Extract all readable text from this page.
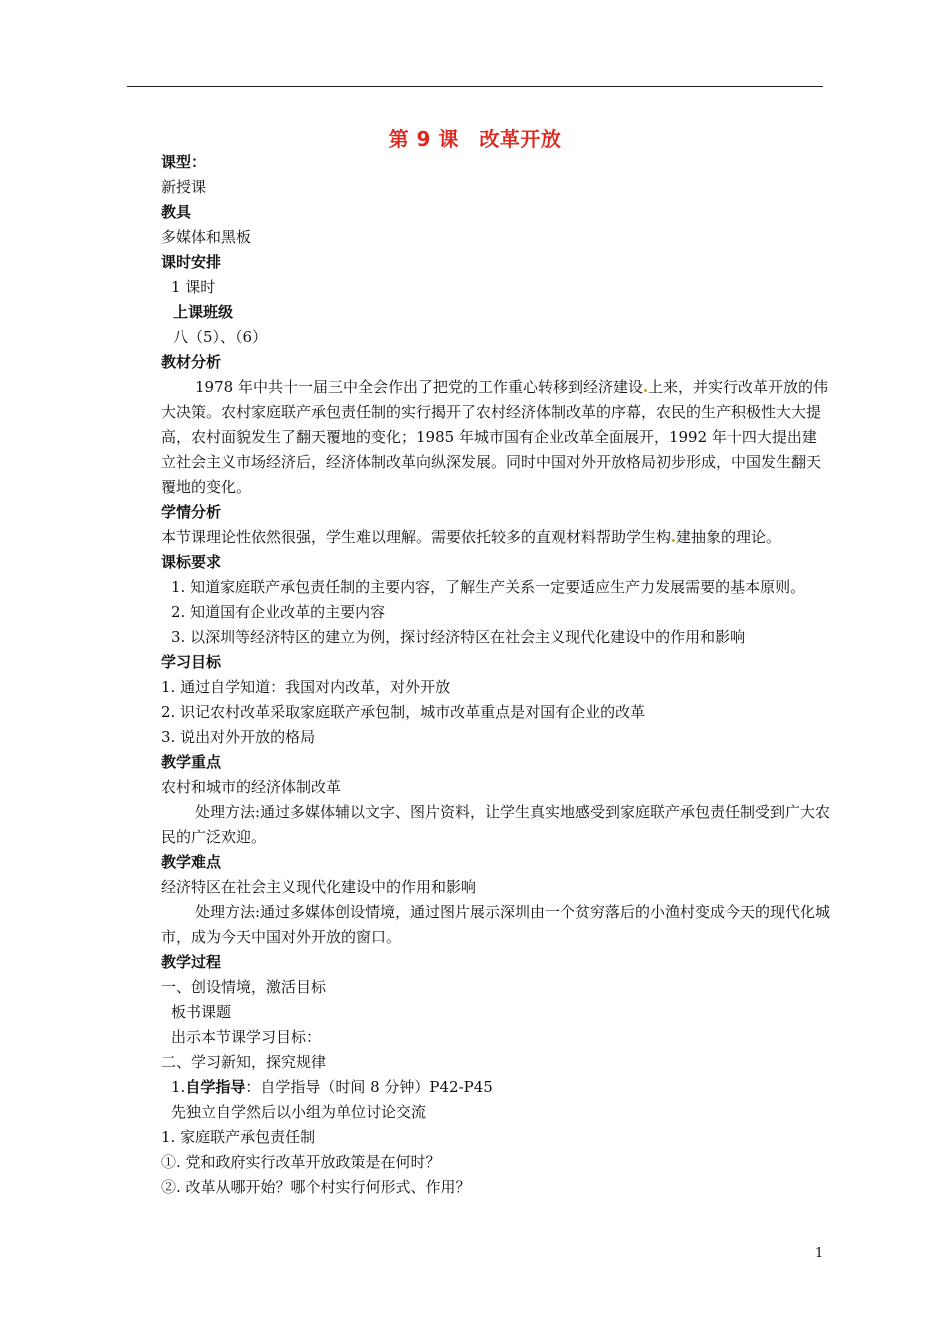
第 9 课　改革开放

课型：

新授课

教具

多媒体和黑板

课时安排

1 课时

上课班级

八（5）、（6）

教材分析

1978 年中共十一届三中全会作出了把党的工作重心转移到经济建设 上来，并实行改革开放的伟大决策。农村家庭联产承包责任制的实行揭开了农村经济体制改革的序幕，农民的生产积极性大大提高，农村面貌发生了翻天覆地的变化；1985 年城市国有企业改革全面展开，1992 年十四大提出建立社会主义市场经济后，经济体制改革向纵深发展。同时中国对外开放格局初步形成，中国发生翻天覆地的变化。

学情分析

本节课理论性依然很强，学生难以理解。需要依托较多的直观材料帮助学生构 建抽象的理论。

课标要求

1. 知道家庭联产承包责任制的主要内容，了解生产关系一定要适应生产力发展需要的基本原则。

2. 知道国有企业改革的主要内容

3. 以深圳等经济特区的建立为例，探讨经济特区在社会主义现代化建设中的作用和影响

学习目标

1. 通过自学知道：我国对内改革，对外开放

2. 识记农村改革采取家庭联产承包制，城市改革重点是对国有企业的改革

3. 说出对外开放的格局

教学重点

农村和城市的经济体制改革

处理方法:通过多媒体辅以文字、图片资料，让学生真实地感受到家庭联产承包责任制受到广大农民的广泛欢迎。

教学难点

经济特区在社会主义现代化建设中的作用和影响

处理方法:通过多媒体创设情境，通过图片展示深圳由一个贫穷落后的小渔村变成今天的现代化城市，成为今天中国对外开放的窗口。

教学过程

一、创设情境，激活目标

板书课题

出示本节课学习目标：

二、学习新知，探究规律

1.自学指导：自学指导（时间 8 分钟）P42-P45

先独立自学然后以小组为单位讨论交流

1. 家庭联产承包责任制

①. 党和政府实行改革开放政策是在何时？

②. 改革从哪开始？哪个村实行何形式、作用？

1
